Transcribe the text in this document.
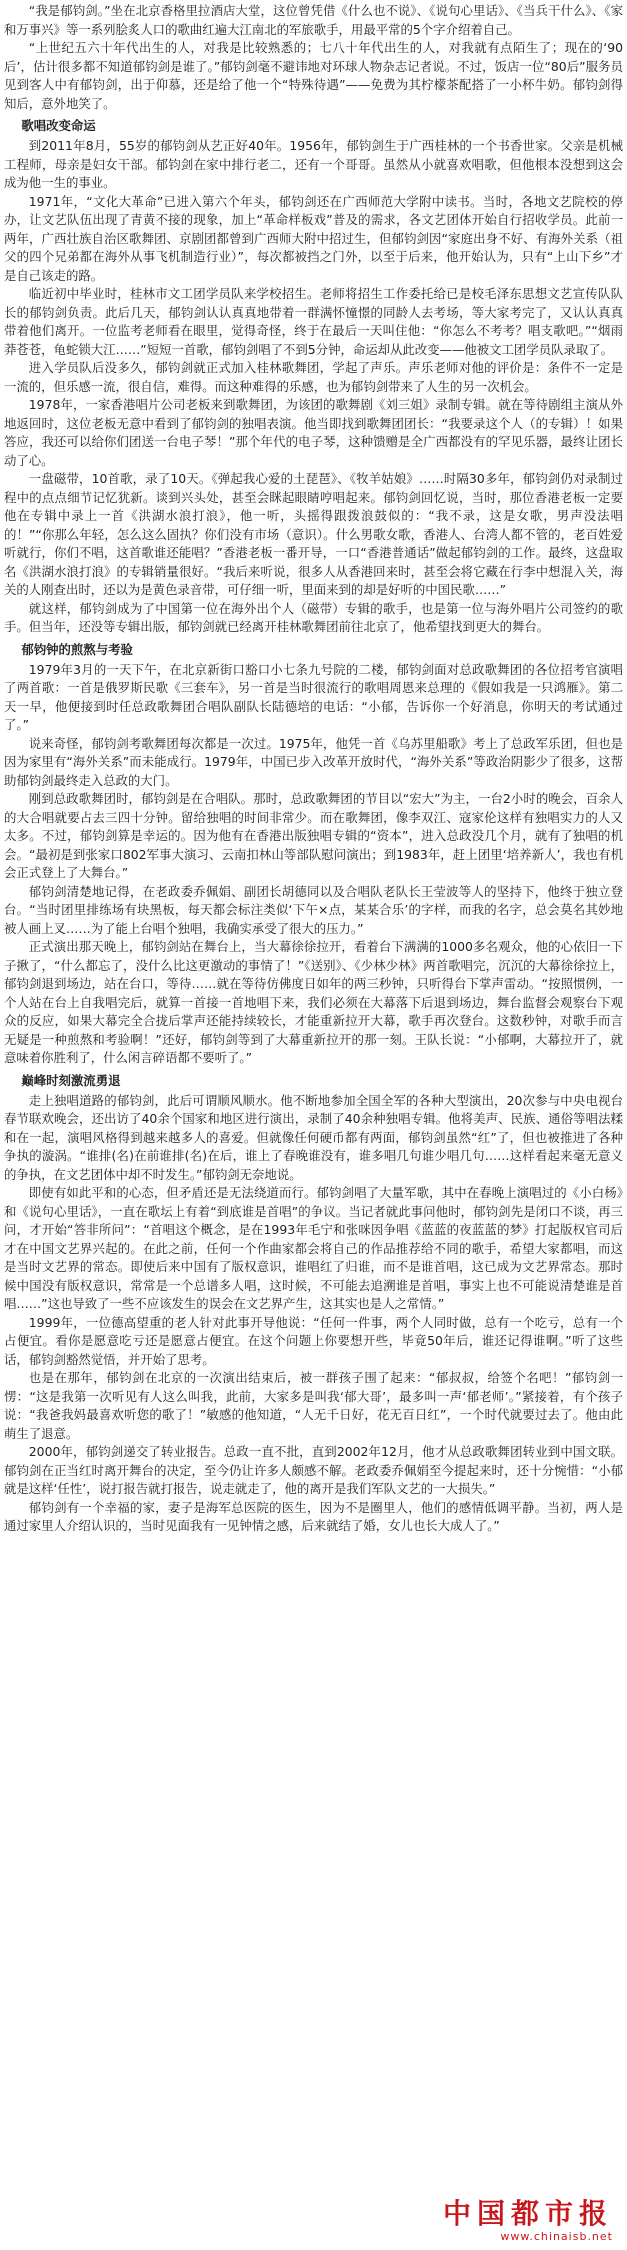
“我是郁钧剑。”坐在北京香格里拉酒店大堂，这位曾凭借《什么也不说》、《说句心里话》、《当兵干什么》、《家和万事兴》等一系列脍炙人口的歌曲红遍大江南北的军旅歌手，用最平常的5个字介绍着自己。

“上世纪五六十年代出生的人，对我是比较熟悉的；七八十年代出生的人，对我就有点陌生了；现在的‘90后’，估计很多都不知道郁钧剑是谁了。”郁钧剑毫不避讳地对环球人物杂志记者说。不过，饭店一位“80后”服务员见到客人中有郁钧剑，出于仰慕，还是给了他一个“特殊待遇”——免费为其柠檬茶配搭了一小杯牛奶。郁钧剑得知后，意外地笑了。

歌唱改变命运

到2011年8月，55岁的郁钧剑从艺正好40年。1956年，郁钧剑生于广西桂林的一个书香世家。父亲是机械工程师，母亲是妇女干部。郁钧剑在家中排行老二，还有一个哥哥。虽然从小就喜欢唱歌，但他根本没想到这会成为他一生的事业。

1971年，“文化大革命”已进入第六个年头，郁钧剑还在广西师范大学附中读书。当时，各地文艺院校的停办，让文艺队伍出现了青黄不接的现象，加上“革命样板戏”普及的需求，各文艺团体开始自行招收学员。此前一两年，广西壮族自治区歌舞团、京剧团都曾到广西师大附中招过生，但郁钧剑因“家庭出身不好、有海外关系（祖父的四个兄弟都在海外从事飞机制造行业）”，每次都被挡之门外，以至于后来，他开始认为，只有“上山下乡”才是自己该走的路。

临近初中毕业时，桂林市文工团学员队来学校招生。老师将招生工作委托给已是校毛泽东思想文艺宣传队队长的郁钧剑负责。此后几天，郁钧剑认认真真地带着一群满怀憧憬的同龄人去考场，等大家考完了，又认认真真带着他们离开。一位监考老师看在眼里，觉得奇怪，终于在最后一天叫住他：“你怎么不考考？唱支歌吧。”“烟雨莽苍苍，龟蛇锁大江……”短短一首歌，郁钧剑唱了不到5分钟，命运却从此改变——他被文工团学员队录取了。

进入学员队后没多久，郁钧剑就正式加入桂林歌舞团，学起了声乐。声乐老师对他的评价是：条件不一定是一流的，但乐感一流，很自信，难得。而这种难得的乐感，也为郁钧剑带来了人生的另一次机会。

1978年，一家香港唱片公司老板来到歌舞团，为该团的歌舞剧《刘三姐》录制专辑。就在等待剧组主演从外地返回时，这位老板无意中看到了郁钧剑的独唱表演。他当即找到歌舞团团长：“我要录这个人（的专辑）！如果答应，我还可以给你们团送一台电子琴！”那个年代的电子琴，这种馈赠是全广西都没有的罕见乐器，最终让团长动了心。

一盘磁带，10首歌，录了10天。《弹起我心爱的土琵琶》、《牧羊姑娘》……时隔30多年，郁钧剑仍对录制过程中的点点细节记忆犹新。谈到兴头处，甚至会眯起眼睛哼唱起来。郁钧剑回忆说，当时，那位香港老板一定要他在专辑中录上一首《洪湖水浪打浪》，他一听，头摇得跟拨浪鼓似的：“我不录，这是女歌，男声没法唱的！”“你那么年轻，怎么这么固执？你们没有市场（意识）。什么男歌女歌，香港人、台湾人都不管的，老百姓爱听就行，你们不唱，这首歌谁还能唱？”香港老板一番开导，一口“香港普通话”做起郁钧剑的工作。最终，这盘取名《洪湖水浪打浪》的专辑销量很好。“我后来听说，很多人从香港回来时，甚至会将它藏在行李中想混入关，海关的人刚查出时，还以为是黄色录音带，可仔细一听，里面来到的却是好听的中国民歌……”

就这样，郁钧剑成为了中国第一位在海外出个人（磁带）专辑的歌手，也是第一位与海外唱片公司签约的歌手。但当年，还没等专辑出版，郁钧剑就已经离开桂林歌舞团前往北京了，他希望找到更大的舞台。

郁钧钟的煎熬与考验

1979年3月的一天下午，在北京新街口豁口小七条九号院的二楼，郁钧剑面对总政歌舞团的各位招考官演唱了两首歌：一首是俄罗斯民歌《三套车》，另一首是当时很流行的歌唱周恩来总理的《假如我是一只鸿雁》。第二天一早，他便接到时任总政歌舞团合唱队副队长陆德培的电话：“小郁，告诉你一个好消息，你明天的考试通过了。”

说来奇怪，郁钧剑考歌舞团每次都是一次过。1975年，他凭一首《乌苏里船歌》考上了总政军乐团，但也是因为家里有“海外关系”而未能成行。1979年，中国已步入改革开放时代，“海外关系”等政治阴影少了很多，这帮助郁钧剑最终走入总政的大门。

刚到总政歌舞团时，郁钧剑是在合唱队。那时，总政歌舞团的节目以“宏大”为主，一台2小时的晚会，百余人的大合唱就要占去三四十分钟。留给独唱的时间非常少。而在歌舞团，像李双江、寇家伦这样有独唱实力的人又太多。不过，郁钧剑算是幸运的。因为他有在香港出版独唱专辑的“资本”，进入总政没几个月，就有了独唱的机会。“最初是到张家口802军事大演习、云南扣林山等部队慰问演出；到1983年，赶上团里‘培养新人’，我也有机会正式登上了大舞台。”

郁钧剑清楚地记得，在老政委乔佩娟、副团长胡德同以及合唱队老队长王莹波等人的坚持下，他终于独立登台。“当时团里排练场有块黑板，每天都会标注类似‘下午×点，某某合乐’的字样，而我的名字，总会莫名其妙地被人画上叉……为了能上台唱个独唱，我确实承受了很大的压力。”

正式演出那天晚上，郁钧剑站在舞台上，当大幕徐徐拉开，看着台下满满的1000多名观众，他的心依旧一下子揪了，“什么都忘了，没什么比这更激动的事情了！”《送别》、《少林少林》两首歌唱完，沉沉的大幕徐徐拉上，郁钧剑退到场边，站在台口，等待……就在等待仿佛度日如年的两三秒钟，只听得台下掌声雷动。“按照惯例，一个人站在台上自我唱完后，就算一首接一首地唱下来，我们必须在大幕落下后退到场边，舞台监督会观察台下观众的反应，如果大幕完全合拢后掌声还能持续较长，才能重新拉开大幕，歌手再次登台。这数秒钟，对歌手而言无疑是一种煎熬和考验啊！”还好，郁钧剑等到了大幕重新拉开的那一刻。王队长说：“小郁啊，大幕拉开了，就意味着你胜利了，什么闲言碎语都不要听了。”

巅峰时刻激流勇退

走上独唱道路的郁钧剑，此后可谓顺风顺水。他不断地参加全国全军的各种大型演出，20次参与中央电视台春节联欢晚会，还出访了40余个国家和地区进行演出，录制了40余种独唱专辑。他将美声、民族、通俗等唱法糅和在一起，演唱风格得到越来越多人的喜爱。但就像任何硬币都有两面，郁钧剑虽然“红”了，但也被推进了各种争执的漩涡。“谁排(名)在前谁排(名)在后，谁上了春晚谁没有，谁多唱几句谁少唱几句……这样看起来毫无意义的争执，在文艺团体中却不时发生。”郁钧剑无奈地说。

即使有如此平和的心态，但矛盾还是无法绕道而行。郁钧剑唱了大量军歌，其中在春晚上演唱过的《小白杨》和《说句心里话》，一直在歌坛上有着“到底谁是首唱”的争议。当记者就此事问他时，郁钧剑先是闭口不谈，再三问，才开始“答非所问”：“首唱这个概念，是在1993年毛宁和张咪因争唱《蓝蓝的夜蓝蓝的梦》打起版权官司后才在中国文艺界兴起的。在此之前，任何一个作曲家都会将自己的作品推荐给不同的歌手，希望大家都唱，而这是当时文艺界的常态。即使后来中国有了版权意识，谁唱红了归谁，而不是谁首唱，这已成为文艺界常态。那时候中国没有版权意识，常常是一个总谱多人唱，这时候，不可能去追溯谁是首唱，事实上也不可能说清楚谁是首唱……”这也导致了一些不应该发生的误会在文艺界产生，这其实也是人之常情。”

1999年，一位德高望重的老人针对此事开导他说：“任何一件事，两个人同时做，总有一个吃亏，总有一个占便宜。看你是愿意吃亏还是愿意占便宜。在这个问题上你要想开些，毕竟50年后，谁还记得谁啊。”听了这些话，郁钧剑豁然觉悟，并开始了思考。

也是在那年，郁钧剑在北京的一次演出结束后，被一群孩子围了起来：“郁叔叔，给签个名吧！”郁钧剑一愣：“这是我第一次听见有人这么叫我，此前，大家多是叫我‘郁大哥’，最多叫一声‘郁老师’。”紧接着，有个孩子说：“我爸我妈最喜欢听您的歌了！”敏感的他知道，“人无千日好，花无百日红”，一个时代就要过去了。他由此萌生了退意。

2000年，郁钧剑递交了转业报告。总政一直不批，直到2002年12月，他才从总政歌舞团转业到中国文联。郁钧剑在正当红时离开舞台的决定，至今仍让许多人颇感不解。老政委乔佩娟至今提起来时，还十分惋惜：“小郁就是这样‘任性’，说打报告就打报告，说走就走了，他的离开是我们军队文艺的一大损失。”

郁钧剑有一个幸福的家，妻子是海军总医院的医生，因为不是圈里人，他们的感情低调平静。当初，两人是通过家里人介绍认识的，当时见面我有一见钟情之感，后来就结了婚，女儿也长大成人了。”

中国都市报
www.chinaisb.net
